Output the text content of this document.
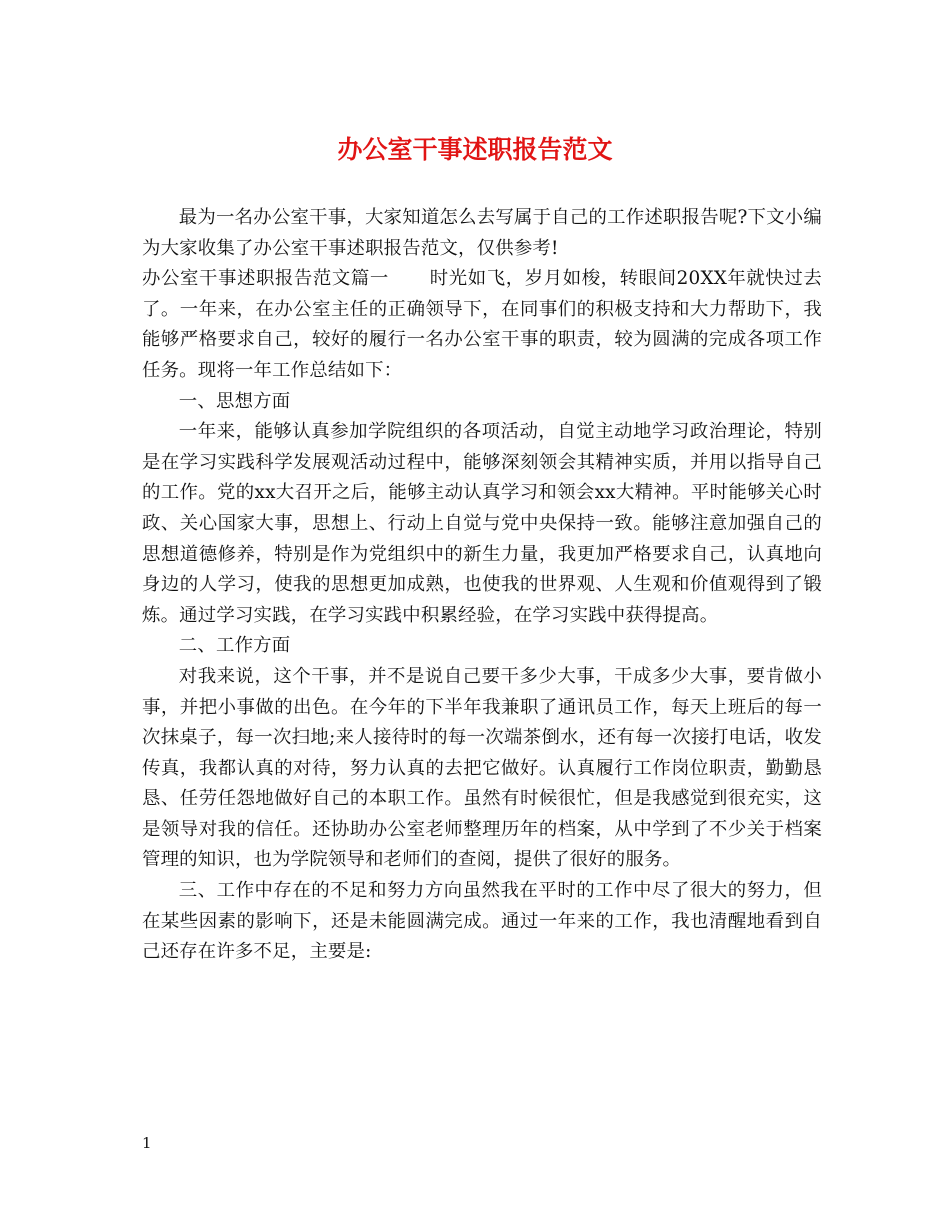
办公室干事述职报告范文

最为一名办公室干事，大家知道怎么去写属于自己的工作述职报告呢?下文小编为大家收集了办公室干事述职报告范文，仅供参考!

办公室干事述职报告范文篇一 时光如飞，岁月如梭，转眼间20XX年就快过去了。一年来，在办公室主任的正确领导下，在同事们的积极支持和大力帮助下，我能够严格要求自己，较好的履行一名办公室干事的职责，较为圆满的完成各项工作任务。现将一年工作总结如下：

一、思想方面

一年来，能够认真参加学院组织的各项活动，自觉主动地学习政治理论，特别是在学习实践科学发展观活动过程中，能够深刻领会其精神实质，并用以指导自己的工作。党的xx大召开之后，能够主动认真学习和领会xx大精神。平时能够关心时政、关心国家大事，思想上、行动上自觉与党中央保持一致。能够注意加强自己的思想道德修养，特别是作为党组织中的新生力量，我更加严格要求自己，认真地向身边的人学习，使我的思想更加成熟，也使我的世界观、人生观和价值观得到了锻炼。通过学习实践，在学习实践中积累经验，在学习实践中获得提高。

二、工作方面

对我来说，这个干事，并不是说自己要干多少大事，干成多少大事，要肯做小事，并把小事做的出色。在今年的下半年我兼职了通讯员工作，每天上班后的每一次抹桌子，每一次扫地;来人接待时的每一次端茶倒水，还有每一次接打电话，收发传真，我都认真的对待，努力认真的去把它做好。认真履行工作岗位职责，勤勤恳恳、任劳任怨地做好自己的本职工作。虽然有时候很忙，但是我感觉到很充实，这是领导对我的信任。还协助办公室老师整理历年的档案，从中学到了不少关于档案管理的知识，也为学院领导和老师们的查阅，提供了很好的服务。

三、工作中存在的不足和努力方向虽然我在平时的工作中尽了很大的努力，但在某些因素的影响下，还是未能圆满完成。通过一年来的工作，我也清醒地看到自己还存在许多不足，主要是:

1
